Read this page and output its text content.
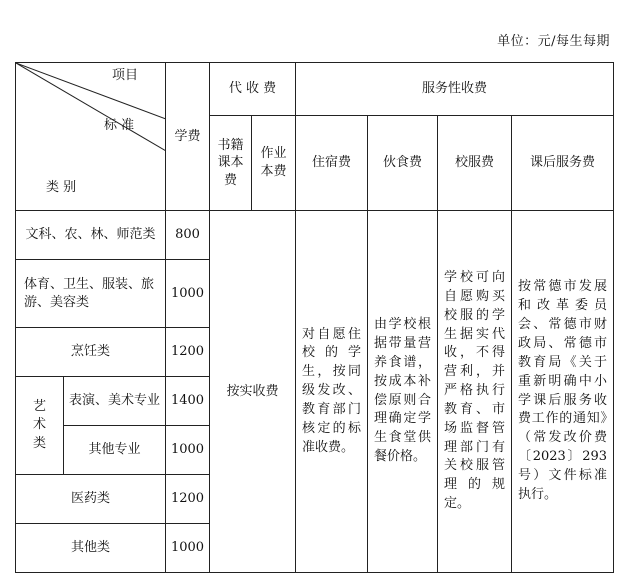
单位：元/每生每期
项目
标 准
类 别		学费	代 收 费		服务性收费			
			书籍课本费	作业本费	住宿费	伙食费	校服费	课后服务费
文科、农、林、师范类		800	按实收费		对自愿住校的学生，按同级发改、教育部门核定的标准收费。	由学校根据带量营养食谱，按成本补偿原则合理确定学生食堂供餐价格。	学校可向自愿购买校服的学生据实代收，不得营利，并严格执行教育、市场监督管理部门有关校服管理的规定。	按常德市发展和改革委员会、常德市财政局、常德市教育局《关于重新明确中小学课后服务收费工作的通知》（常发改价费〔2023〕293号）文件标准执行。
体育、卫生、服装、旅游、美容类		1000						
烹饪类		1200						
艺术类	表演、美术专业	1400						
	其他专业	1000						
医药类		1200						
其他类		1000						
